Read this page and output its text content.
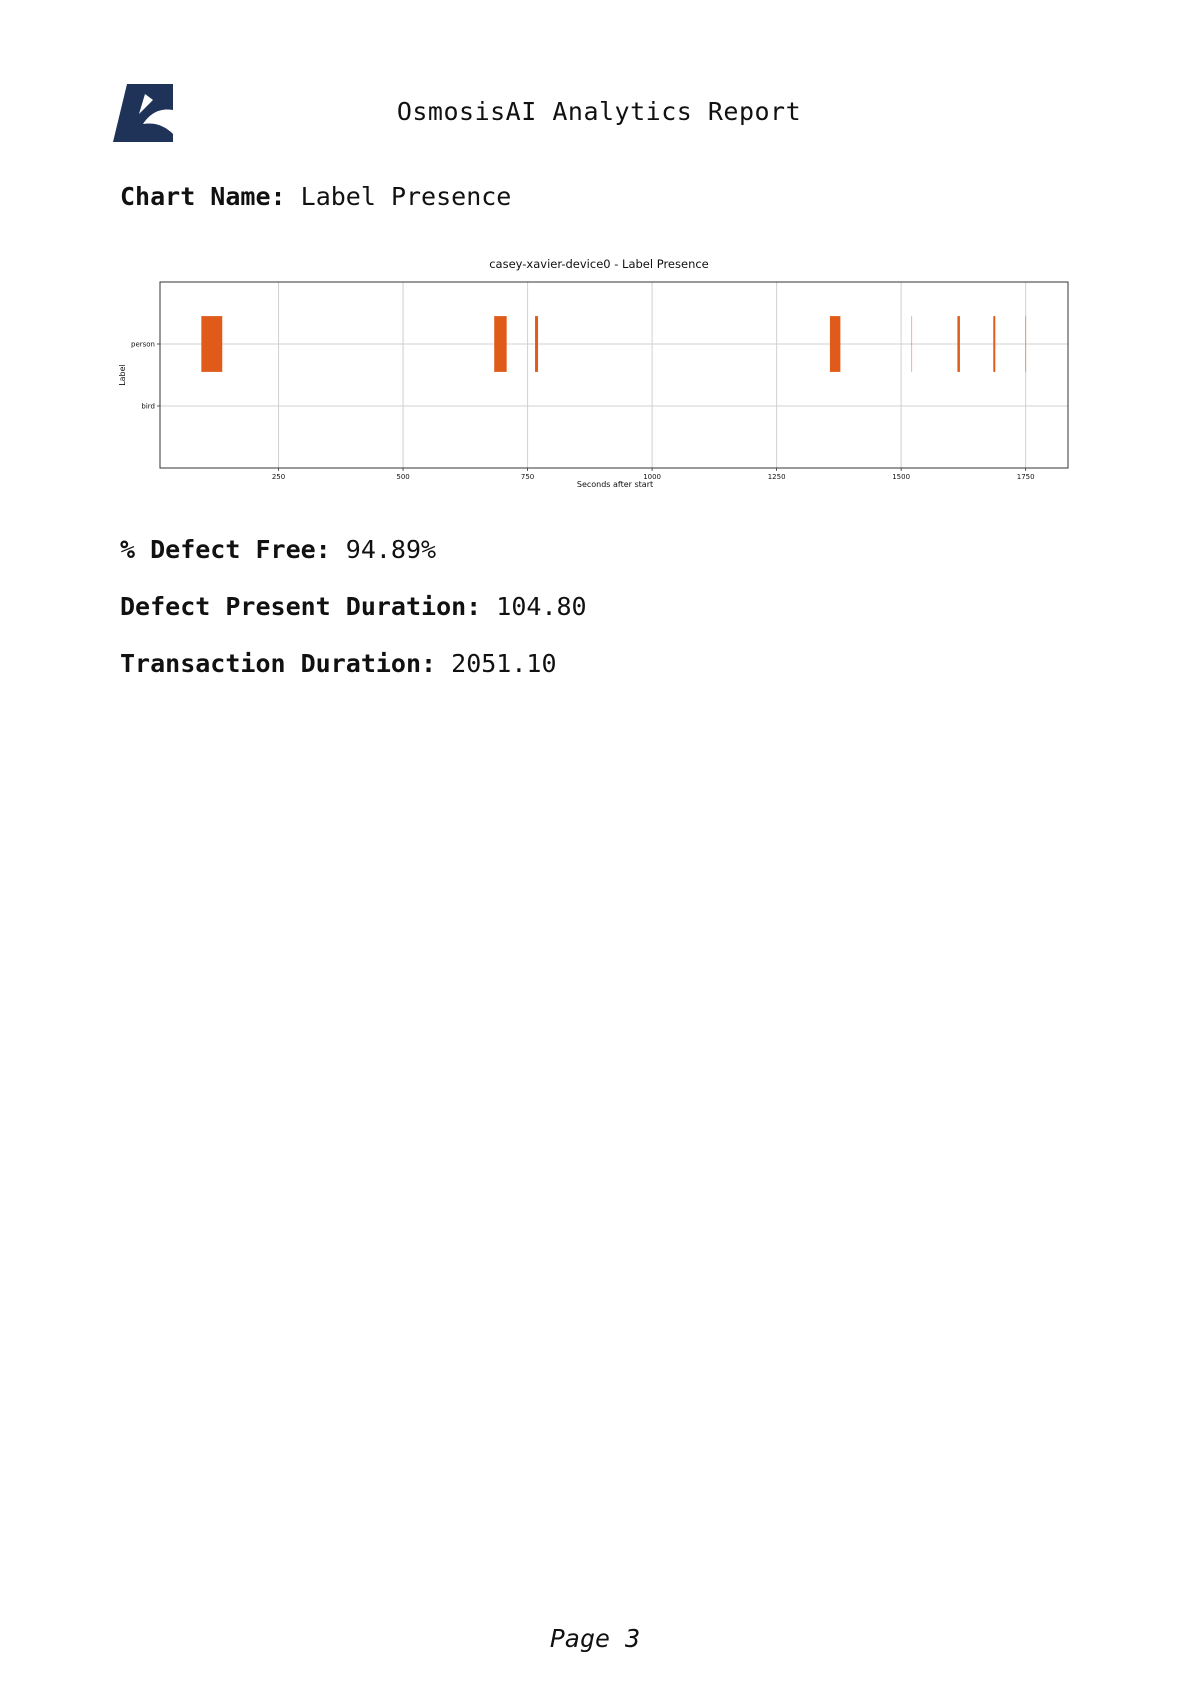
OsmosisAI Analytics Report
Chart Name: Label Presence
casey-xavier-device0 - Label Presence
250	500	750	1000	1250	1500	1750
person
bird
Seconds after start
Label
% Defect Free: 94.89%
Defect Present Duration: 104.80
Transaction Duration: 2051.10
Page 3
